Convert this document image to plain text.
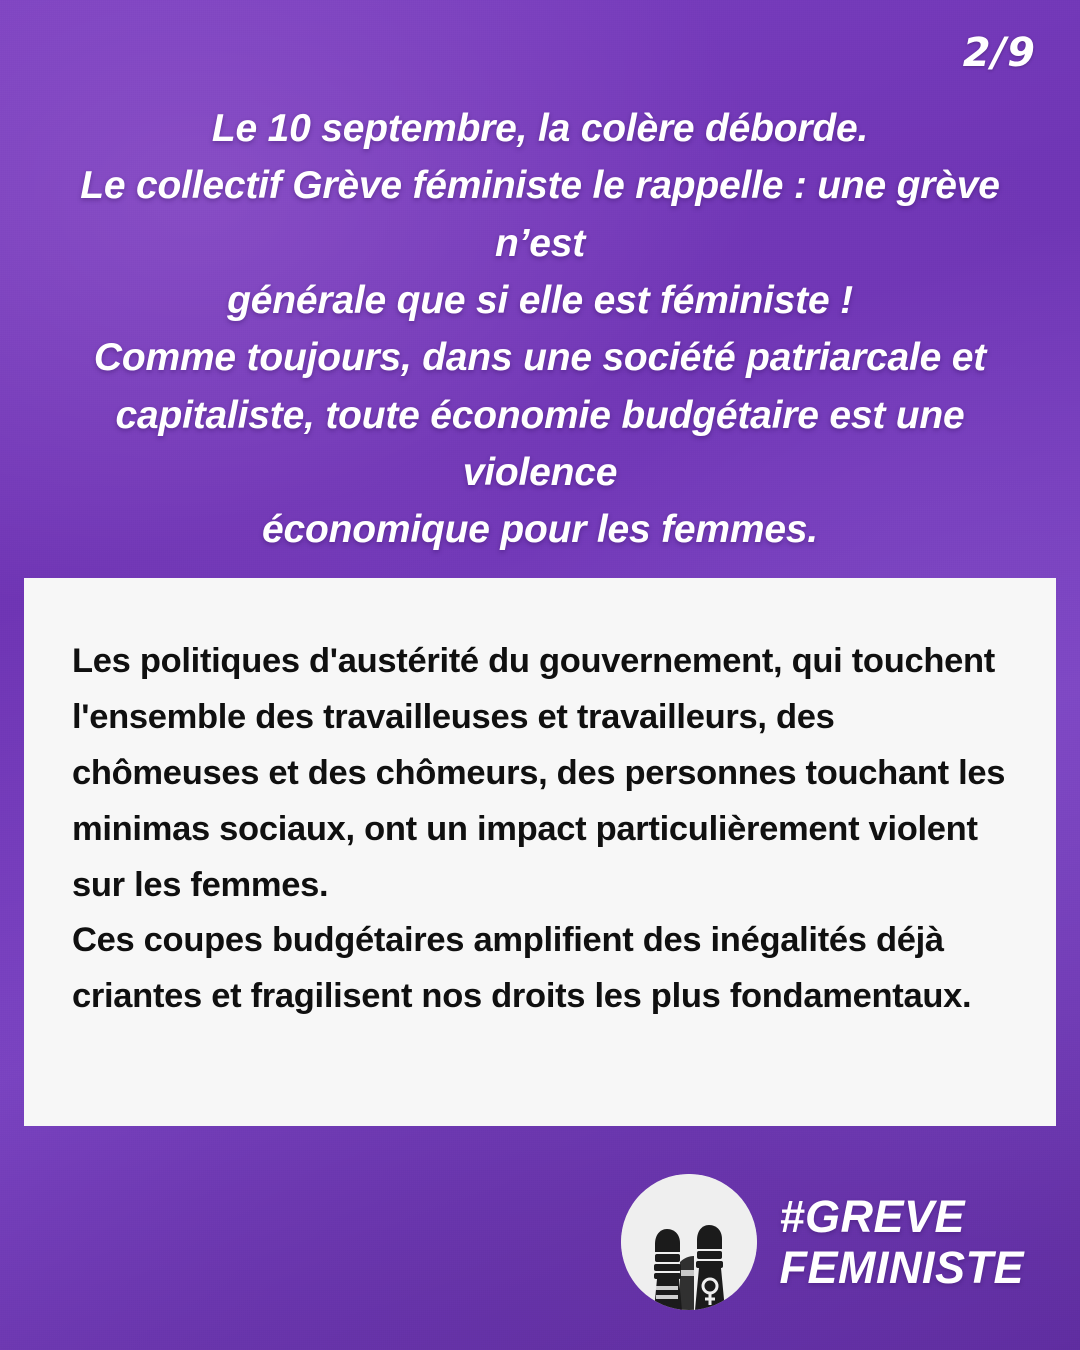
2/9

Le 10 septembre, la colère déborde.

Le collectif Grève féministe le rappelle : une grève n’est

générale que si elle est féministe !

Comme toujours, dans une société patriarcale et

capitaliste, toute économie budgétaire est une violence

économique pour les femmes.

Les politiques d'austérité du gouvernement, qui touchent l'ensemble des travailleuses et travailleurs, des chômeuses et des chômeurs, des personnes touchant les minimas sociaux, ont un impact particulièrement violent sur les femmes.

Ces coupes budgétaires amplifient des inégalités déjà criantes et fragilisent nos droits les plus fondamentaux.

#GREVE
FEMINISTE
